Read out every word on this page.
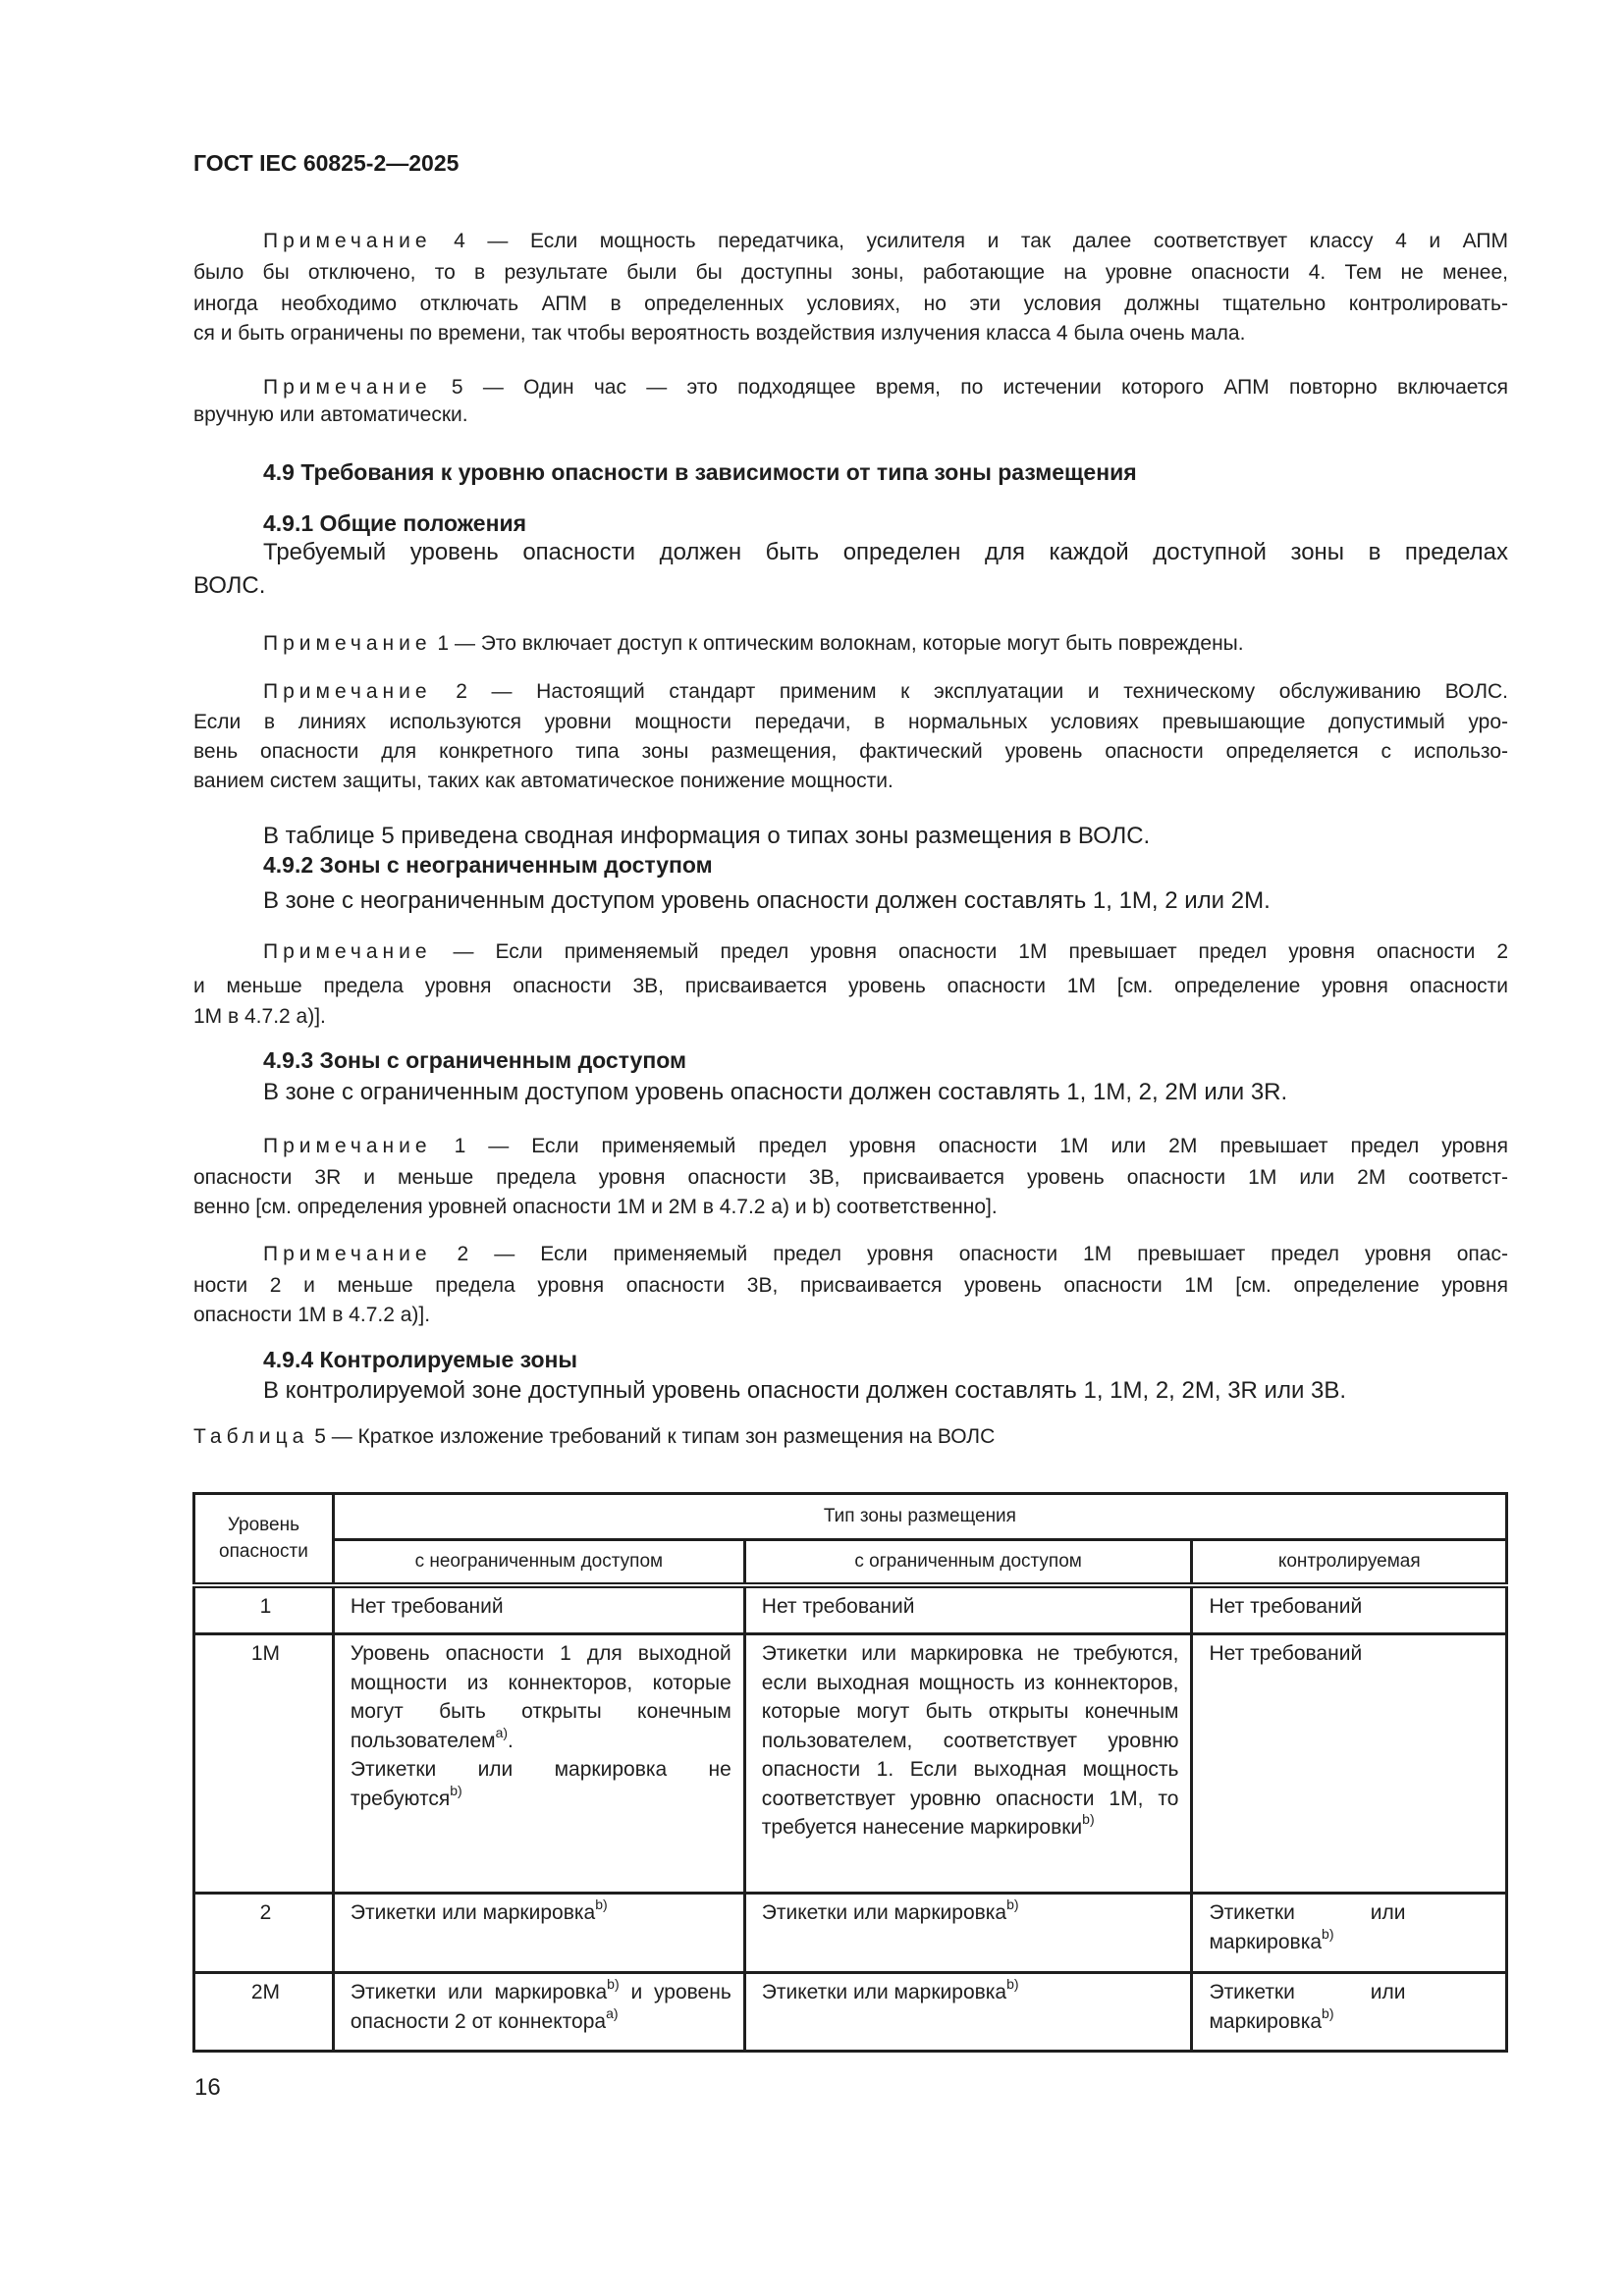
ГОСТ IEC 60825-2—2025
Примечание 4 — Если мощность передатчика, усилителя и так далее соответствует классу 4 и АПМ
было бы отключено, то в результате были бы доступны зоны, работающие на уровне опасности 4. Тем не менее,
иногда необходимо отключать АПМ в определенных условиях, но эти условия должны тщательно контролировать-
ся и быть ограничены по времени, так чтобы вероятность воздействия излучения класса 4 была очень мала.
Примечание 5 — Один час — это подходящее время, по истечении которого АПМ повторно включается
вручную или автоматически.
4.9 Требования к уровню опасности в зависимости от типа зоны размещения
4.9.1 Общие положения
Требуемый уровень опасности должен быть определен для каждой доступной зоны в пределах
ВОЛС.
Примечание 1 — Это включает доступ к оптическим волокнам, которые могут быть повреждены.
Примечание 2 — Настоящий стандарт применим к эксплуатации и техническому обслуживанию ВОЛС.
Если в линиях используются уровни мощности передачи, в нормальных условиях превышающие допустимый уро-
вень опасности для конкретного типа зоны размещения, фактический уровень опасности определяется с использо-
ванием систем защиты, таких как автоматическое понижение мощности.
В таблице 5 приведена сводная информация о типах зоны размещения в ВОЛС.
4.9.2 Зоны с неограниченным доступом
В зоне с неограниченным доступом уровень опасности должен составлять 1, 1М, 2 или 2М.
Примечание — Если применяемый предел уровня опасности 1М превышает предел уровня опасности 2
и меньше предела уровня опасности 3В, присваивается уровень опасности 1М [см. определение уровня опасности
1М в 4.7.2 а)].
4.9.3 Зоны с ограниченным доступом
В зоне с ограниченным доступом уровень опасности должен составлять 1, 1М, 2, 2М или 3R.
Примечание 1 — Если применяемый предел уровня опасности 1М или 2М превышает предел уровня
опасности 3R и меньше предела уровня опасности 3В, присваивается уровень опасности 1М или 2М соответст-
венно [см. определения уровней опасности 1М и 2М в 4.7.2 а) и b) соответственно].
Примечание 2 — Если применяемый предел уровня опасности 1М превышает предел уровня опас-
ности 2 и меньше предела уровня опасности 3В, присваивается уровень опасности 1М [см. определение уровня
опасности 1М в 4.7.2 а)].
4.9.4 Контролируемые зоны
В контролируемой зоне доступный уровень опасности должен составлять 1, 1М, 2, 2М, 3R или 3В.
Таблица 5 — Краткое изложение требований к типам зон размещения на ВОЛС
Уровень опасности	Тип зоны размещения		
	с неограниченным доступом	с ограниченным доступом	контролируемая

1	Нет требований	Нет требований	Нет требований

1М	Уровень опасности 1 для выходной мощности из коннекторов, которые могут быть открыты конечным пользователем$^{a)}$.
Этикетки или маркировка не требуются$^{b)}$	Этикетки или маркировка не требуются, если выходная мощность из коннекторов, которые могут быть открыты конечным пользователем, соответствует уровню опасности 1. Если выходная мощность соответствует уровню опасности 1М, то требуется нанесение маркировки$^{b)}$	Нет требований

2	Этикетки или маркировка$^{b)}$	Этикетки или маркировка$^{b)}$	Этикетки или маркировка$^{b)}$

2М	Этикетки или маркировка$^{b)}$ и уровень опасности 2 от коннектора$^{a)}$	Этикетки или маркировка$^{b)}$	Этикетки или маркировка$^{b)}$
16
